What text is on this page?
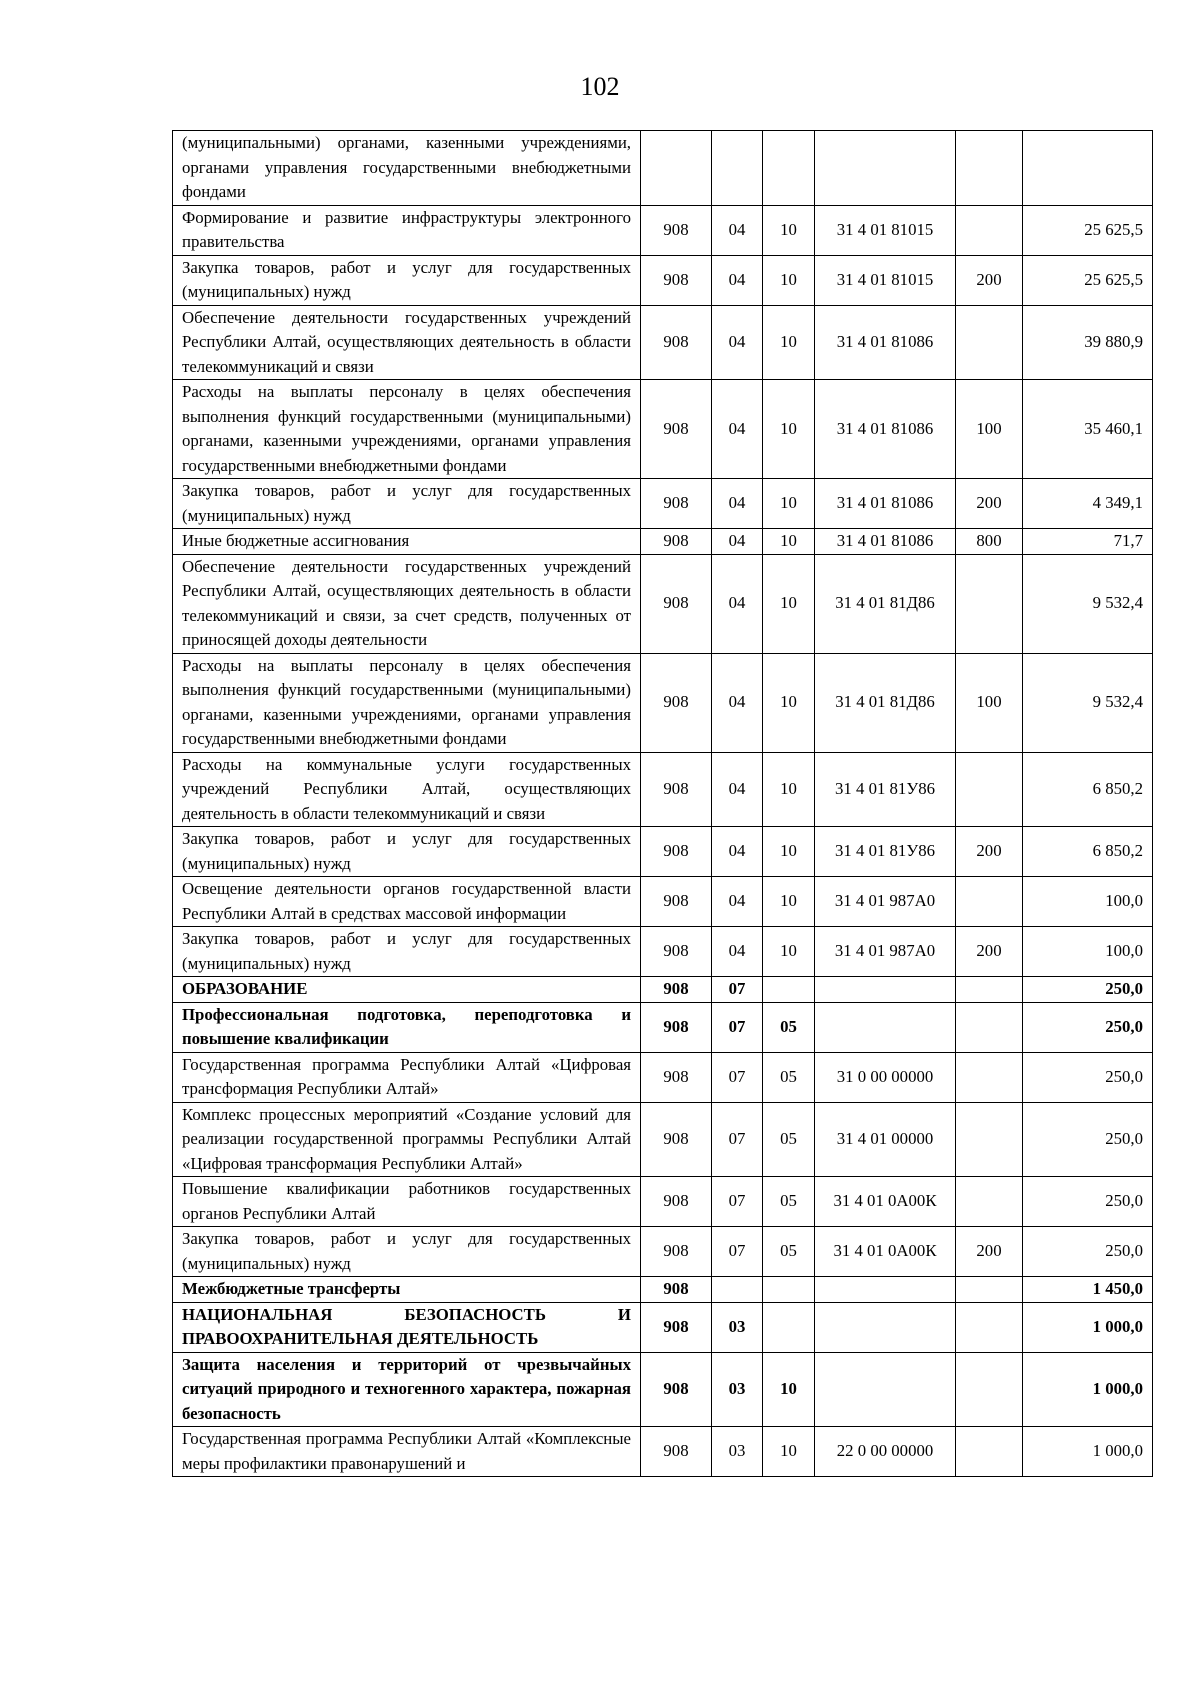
102
(муниципальными) органами, казенными учреждениями, органами управления государственными внебюджетными фондами						
Формирование и развитие инфраструктуры электронного правительства	908	04	10	31 4 01 81015		25 625,5
Закупка товаров, работ и услуг для государственных (муниципальных) нужд	908	04	10	31 4 01 81015	200	25 625,5
Обеспечение деятельности государственных учреждений Республики Алтай, осуществляющих деятельность в области телекоммуникаций и связи	908	04	10	31 4 01 81086		39 880,9
Расходы на выплаты персоналу в целях обеспечения выполнения функций государственными (муниципальными) органами, казенными учреждениями, органами управления государственными внебюджетными фондами	908	04	10	31 4 01 81086	100	35 460,1
Закупка товаров, работ и услуг для государственных (муниципальных) нужд	908	04	10	31 4 01 81086	200	4 349,1
Иные бюджетные ассигнования	908	04	10	31 4 01 81086	800	71,7
Обеспечение деятельности государственных учреждений Республики Алтай, осуществляющих деятельность в области телекоммуникаций и связи, за счет средств, полученных от приносящей доходы деятельности	908	04	10	31 4 01 81Д86		9 532,4
Расходы на выплаты персоналу в целях обеспечения выполнения функций государственными (муниципальными) органами, казенными учреждениями, органами управления государственными внебюджетными фондами	908	04	10	31 4 01 81Д86	100	9 532,4
Расходы на коммунальные услуги государственных учреждений Республики Алтай, осуществляющих деятельность в области телекоммуникаций и связи	908	04	10	31 4 01 81У86		6 850,2
Закупка товаров, работ и услуг для государственных (муниципальных) нужд	908	04	10	31 4 01 81У86	200	6 850,2
Освещение деятельности органов государственной власти Республики Алтай в средствах массовой информации	908	04	10	31 4 01 987А0		100,0
Закупка товаров, работ и услуг для государственных (муниципальных) нужд	908	04	10	31 4 01 987А0	200	100,0
ОБРАЗОВАНИЕ	908	07				250,0
Профессиональная подготовка, переподготовка и повышение квалификации	908	07	05			250,0
Государственная программа Республики Алтай «Цифровая трансформация Республики Алтай»	908	07	05	31 0 00 00000		250,0
Комплекс процессных мероприятий «Создание условий для реализации государственной программы Республики Алтай «Цифровая трансформация Республики Алтай»	908	07	05	31 4 01 00000		250,0
Повышение квалификации работников государственных органов Республики Алтай	908	07	05	31 4 01 0А00К		250,0
Закупка товаров, работ и услуг для государственных (муниципальных) нужд	908	07	05	31 4 01 0А00К	200	250,0
Межбюджетные трансферты	908					1 450,0
НАЦИОНАЛЬНАЯ БЕЗОПАСНОСТЬ И ПРАВООХРАНИТЕЛЬНАЯ ДЕЯТЕЛЬНОСТЬ	908	03				1 000,0
Защита населения и территорий от чрезвычайных ситуаций природного и техногенного характера, пожарная безопасность	908	03	10			1 000,0
Государственная программа Республики Алтай «Комплексные меры профилактики правонарушений и	908	03	10	22 0 00 00000		1 000,0
